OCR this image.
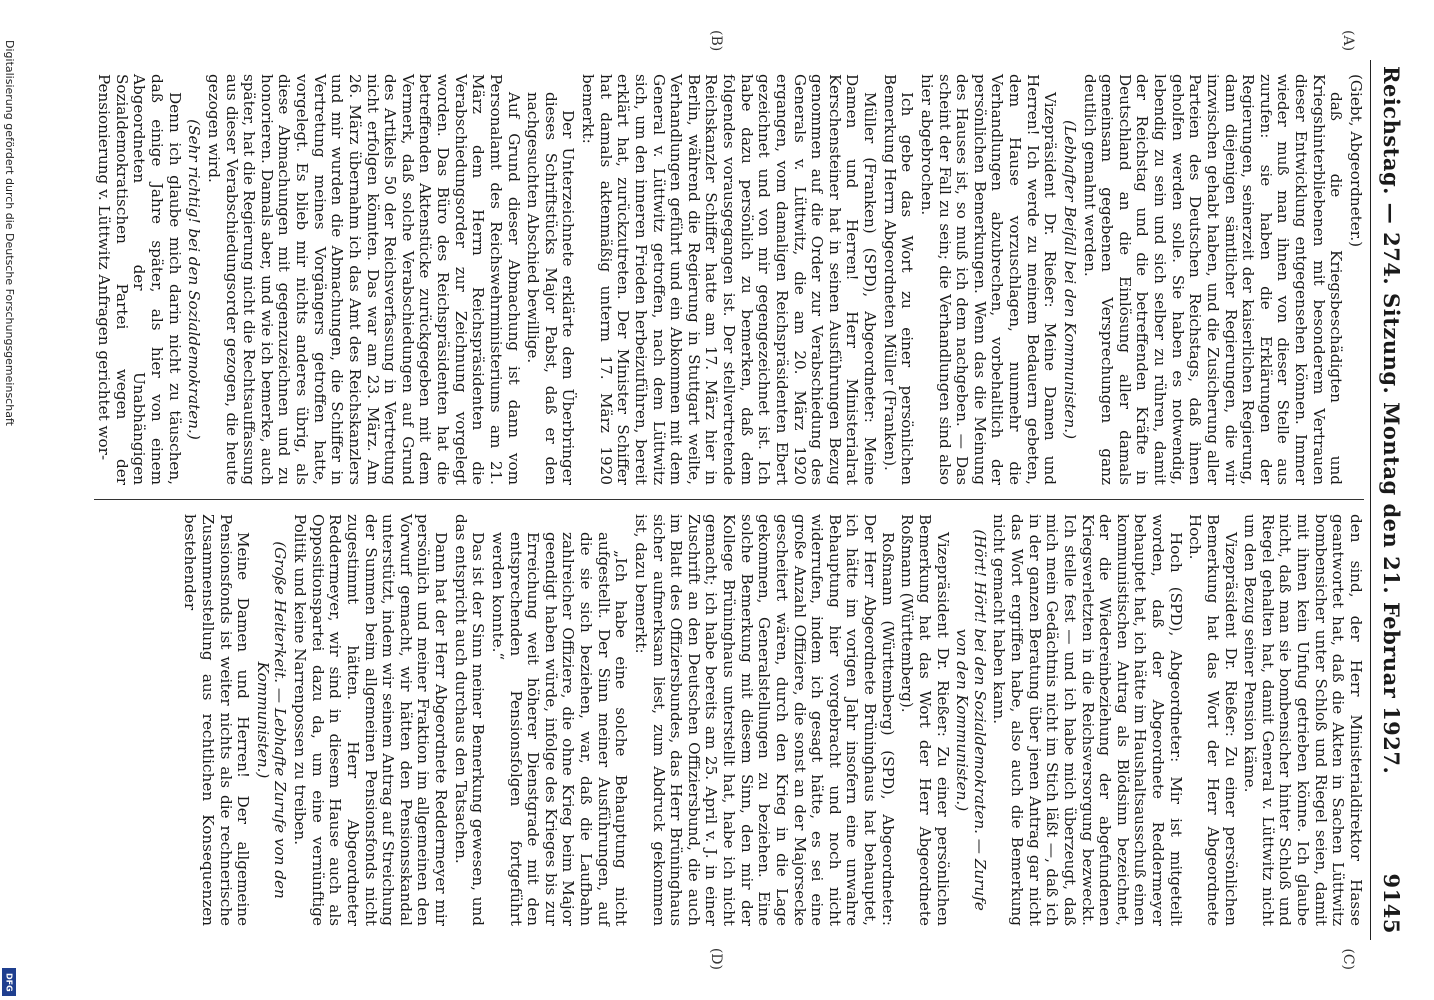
Digitalisierung gefördert durch die Deutsche Forschungsgemeinschaft
DFG
Reichstag. — 274. Sitzung. Montag den 21. Februar 1927.
9145
(A)
(B)

(Giebt, Abgeordneter.)

daß die Kriegsbeschädigten und Kriegshinterbliebenen mit besonderem Vertrauen dieser Entwicklung entgegensehen können. Immer wieder muß man ihnen von dieser Stelle aus zurufen: sie haben die Erklärungen der Regierungen, seinerzeit der kaiserlichen Regierung, dann diejenigen sämtlicher Regierungen, die wir inzwischen gehabt haben, und die Zusicherung aller Parteien des Deutschen Reichstags, daß ihnen geholfen werden solle. Sie haben es notwendig, lebendig zu sein und sich selber zu rühren, damit der Reichstag und die betreffenden Kräfte in Deutschland an die Einlösung aller damals gemeinsam gegebenen Versprechungen ganz deutlich gemahnt werden.

(Lebhafter Beifall bei den Kommunisten.)

Vizepräsident Dr. Rießer: Meine Damen und Herren! Ich werde zu meinem Bedauern gebeten, dem Hause vorzuschlagen, nunmehr die Verhandlungen abzubrechen, vorbehaltlich der persönlichen Bemerkungen. Wenn das die Meinung des Hauses ist, so muß ich dem nachgeben. — Das scheint der Fall zu sein; die Verhandlungen sind also hier abgebrochen.

Ich gebe das Wort zu einer persönlichen Bemerkung Herrn Abgeordneten Müller (Franken).

Müller (Franken) (SPD), Abgeordneter: Meine Damen und Herren! Herr Ministerialrat Kerschensteiner hat in seinen Ausführungen Bezug genommen auf die Order zur Verabschiedung des Generals v. Lüttwitz, die am 20. März 1920 ergangen, vom damaligen Reichspräsidenten Ebert gezeichnet und von mir gegengezeichnet ist. Ich habe dazu persönlich zu bemerken, daß dem folgendes vorausgegangen ist. Der stellvertretende Reichskanzler Schiffer hatte am 17. März hier in Berlin, während die Regierung in Stuttgart weilte, Verhandlungen geführt und ein Abkommen mit dem General v. Lüttwitz getroffen, nach dem Lüttwitz sich, um den inneren Frieden herbeizuführen, bereit erklärt hat, zurückzutreten. Der Minister Schiffer hat damals aktenmäßig unterm 17. März 1920 bemerkt:

Der Unterzeichnete erklärte dem Überbringer dieses Schriftstücks Major Pabst, daß er den nachgesuchten Abschied bewillige.

Auf Grund dieser Abmachung ist dann vom Personalamt des Reichswehrministeriums am 21. März dem Herrn Reichspräsidenten die Verabschiedungsorder zur Zeichnung vorgelegt worden. Das Büro des Reichspräsidenten hat die betreffenden Aktenstücke zurückgegeben mit dem Vermerk, daß solche Verabschiedungen auf Grund des Artikels 50 der Reichsverfassung in Vertretung nicht erfolgen könnten. Das war am 23. März. Am 26. März übernahm ich das Amt des Reichskanzlers und mir wurden die Abmachungen, die Schiffer in Vertretung meines Vorgängers getroffen hatte, vorgelegt. Es blieb mir nichts anderes übrig, als diese Abmachungen mit gegenzuzeichnen und zu honorieren. Damals aber, und wie ich bemerke, auch später, hat die Regierung nicht die Rechtsauffassung aus dieser Verabschiedungsorder gezogen, die heute gezogen wird.

(Sehr richtig! bei den Sozialdemokraten.)

Denn ich glaube mich darin nicht zu täuschen, daß einige Jahre später, als hier von einem Abgeordneten der Unabhängigen Sozialdemokratischen Partei wegen der Pensionierung v. Lüttwitz Anfragen gerichtet wor-

(C)
(D)

den sind, der Herr Ministerialdirektor Hasse geantwortet hat, daß die Akten in Sachen Lüttwitz bombensicher unter Schloß und Riegel seien, damit mit ihnen kein Unfug getrieben könne. Ich glaube nicht, daß man sie bombensicher hinter Schloß und Riegel gehalten hat, damit General v. Lüttwitz nicht um den Bezug seiner Pension käme.

Vizepräsident Dr. Rießer: Zu einer persönlichen Bemerkung hat das Wort der Herr Abgeordnete Hoch.

Hoch (SPD), Abgeordneter: Mir ist mitgeteilt worden, daß der Abgeordnete Reddermeyer behauptet hat, ich hätte im Haushaltsausschuß einen kommunistischen Antrag als Blödsinn bezeichnet, der die Wiedereinbeziehung der abgefundenen Kriegsverletzten in die Reichsversorgung bezweckt. Ich stelle fest — und ich habe mich überzeugt, daß mich mein Gedächtnis nicht im Stich läßt —, daß ich in der ganzen Beratung über jenen Antrag gar nicht das Wort ergriffen habe, also auch die Bemerkung nicht gemacht haben kann.

(Hört! Hört! bei den Sozialdemokraten. — Zurufe von den Kommunisten.)

Vizepräsident Dr. Rießer: Zu einer persönlichen Bemerkung hat das Wort der Herr Abgeordnete Roßmann (Württemberg).

Roßmann (Württemberg) (SPD), Abgeordneter: Der Herr Abgeordnete Brüninghaus hat behauptet, ich hätte im vorigen Jahr insofern eine unwahre Behauptung hier vorgebracht und noch nicht widerrufen, indem ich gesagt hätte, es sei eine große Anzahl Offiziere, die sonst an der Majorsecke gescheitert wären, durch den Krieg in die Lage gekommen, Generalstellungen zu beziehen. Eine solche Bemerkung mit diesem Sinn, den mir der Kollege Brüninghaus unterstellt hat, habe ich nicht gemacht; ich habe bereits am 25. April v. J. in einer Zuschrift an den Deutschen Offiziersbund, die auch im Blatt des Offiziersbundes, das Herr Brüninghaus sicher aufmerksam liest, zum Abdruck gekommen ist, dazu bemerkt:

„Ich habe eine solche Behauptung nicht aufgestellt. Der Sinn meiner Ausführungen, auf die sie sich beziehen, war, daß die Laufbahn zahlreicher Offiziere, die ohne Krieg beim Major geendigt haben würde, infolge des Krieges bis zur Erreichung weit höherer Dienstgrade mit den entsprechenden Pensionsfolgen fortgeführt werden konnte.“

Das ist der Sinn meiner Bemerkung gewesen, und das entspricht auch durchaus den Tatsachen.

Dann hat der Herr Abgeordnete Reddermeyer mir persönlich und meiner Fraktion im allgemeinen den Vorwurf gemacht, wir hätten den Pensionsskandal unterstützt, indem wir seinem Antrag auf Streichung der Summen beim allgemeinen Pensionsfonds nicht zugestimmt hätten. Herr Abgeordneter Reddermeyer, wir sind in diesem Hause auch als Oppositionspartei dazu da, um eine vernünftige Politik und keine Narrenpossen zu treiben.

(Große Heiterkeit. — Lebhafte Zurufe von den Kommunisten.)

Meine Damen und Herren! Der allgemeine Pensionsfonds ist weiter nichts als die rechnerische Zusammenstellung aus rechtlichen Konsequenzen bestehender
